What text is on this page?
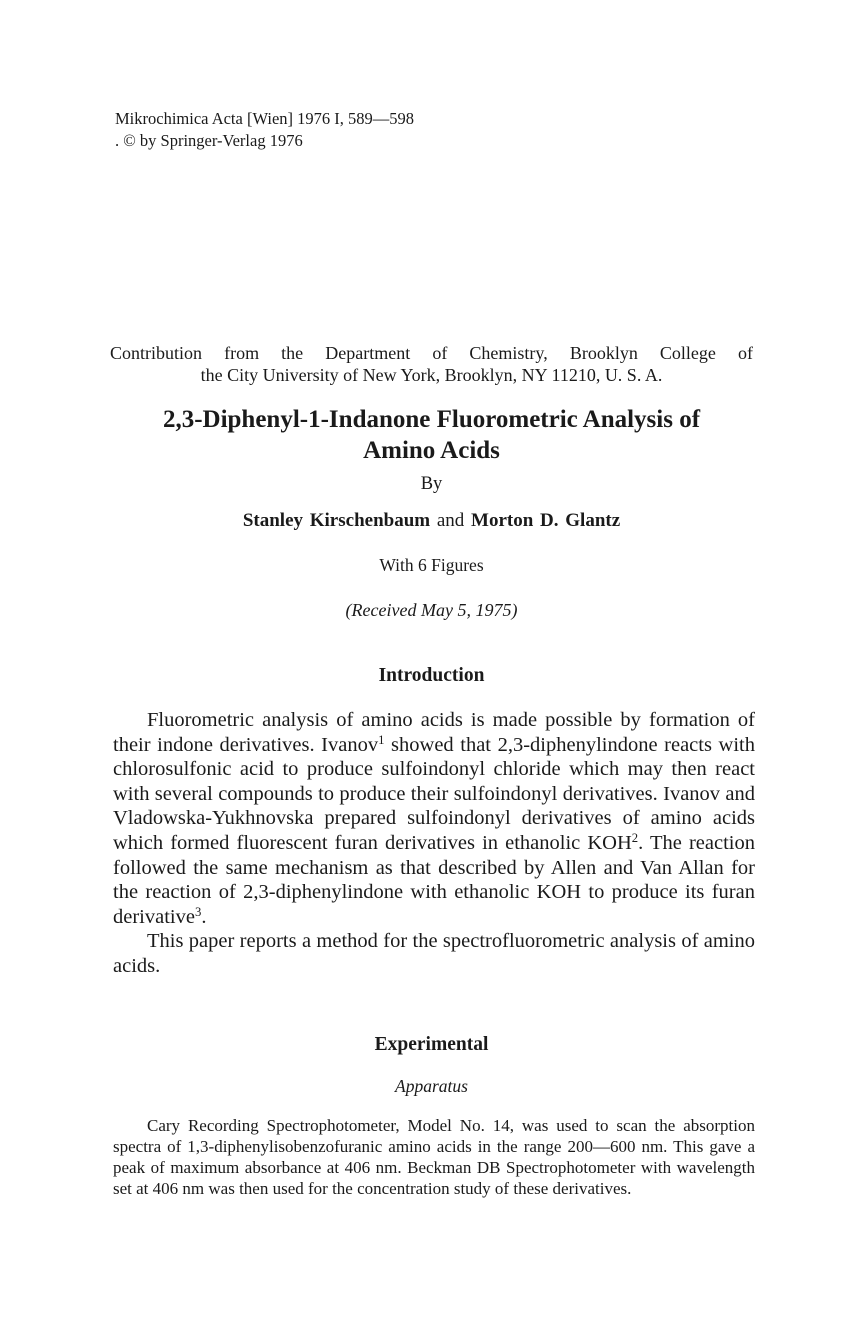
Mikrochimica Acta [Wien] 1976 I, 589—598
. © by Springer-Verlag 1976
Contribution from the Department of Chemistry, Brooklyn College of
the City University of New York, Brooklyn, NY 11210, U. S. A.
2,3-Diphenyl-1-Indanone Fluorometric Analysis of
Amino Acids
By
Stanley Kirschenbaum and Morton D. Glantz
With 6 Figures
(Received May 5, 1975)
Introduction

Fluorometric analysis of amino acids is made possible by formation of their indone derivatives. Ivanov$^1$ showed that 2,3-diphenylindone reacts with chlorosulfonic acid to produce sulfoindonyl chloride which may then react with several compounds to produce their sulfoindonyl derivatives. Ivanov and Vladowska-Yukhnovska prepared sulfoindonyl derivatives of amino acids which formed fluorescent furan derivatives in ethanolic KOH$^2$. The reaction followed the same mechanism as that described by Allen and Van Allan for the reaction of 2,3-diphenylindone with ethanolic KOH to produce its furan derivative$^3$.

This paper reports a method for the spectrofluorometric analysis of amino acids.

Experimental
Apparatus

Cary Recording Spectrophotometer, Model No. 14, was used to scan the absorption spectra of 1,3-diphenylisobenzofuranic amino acids in the range 200—600 nm. This gave a peak of maximum absorbance at 406 nm. Beckman DB Spectrophotometer with wavelength set at 406 nm was then used for the concentration study of these derivatives.
